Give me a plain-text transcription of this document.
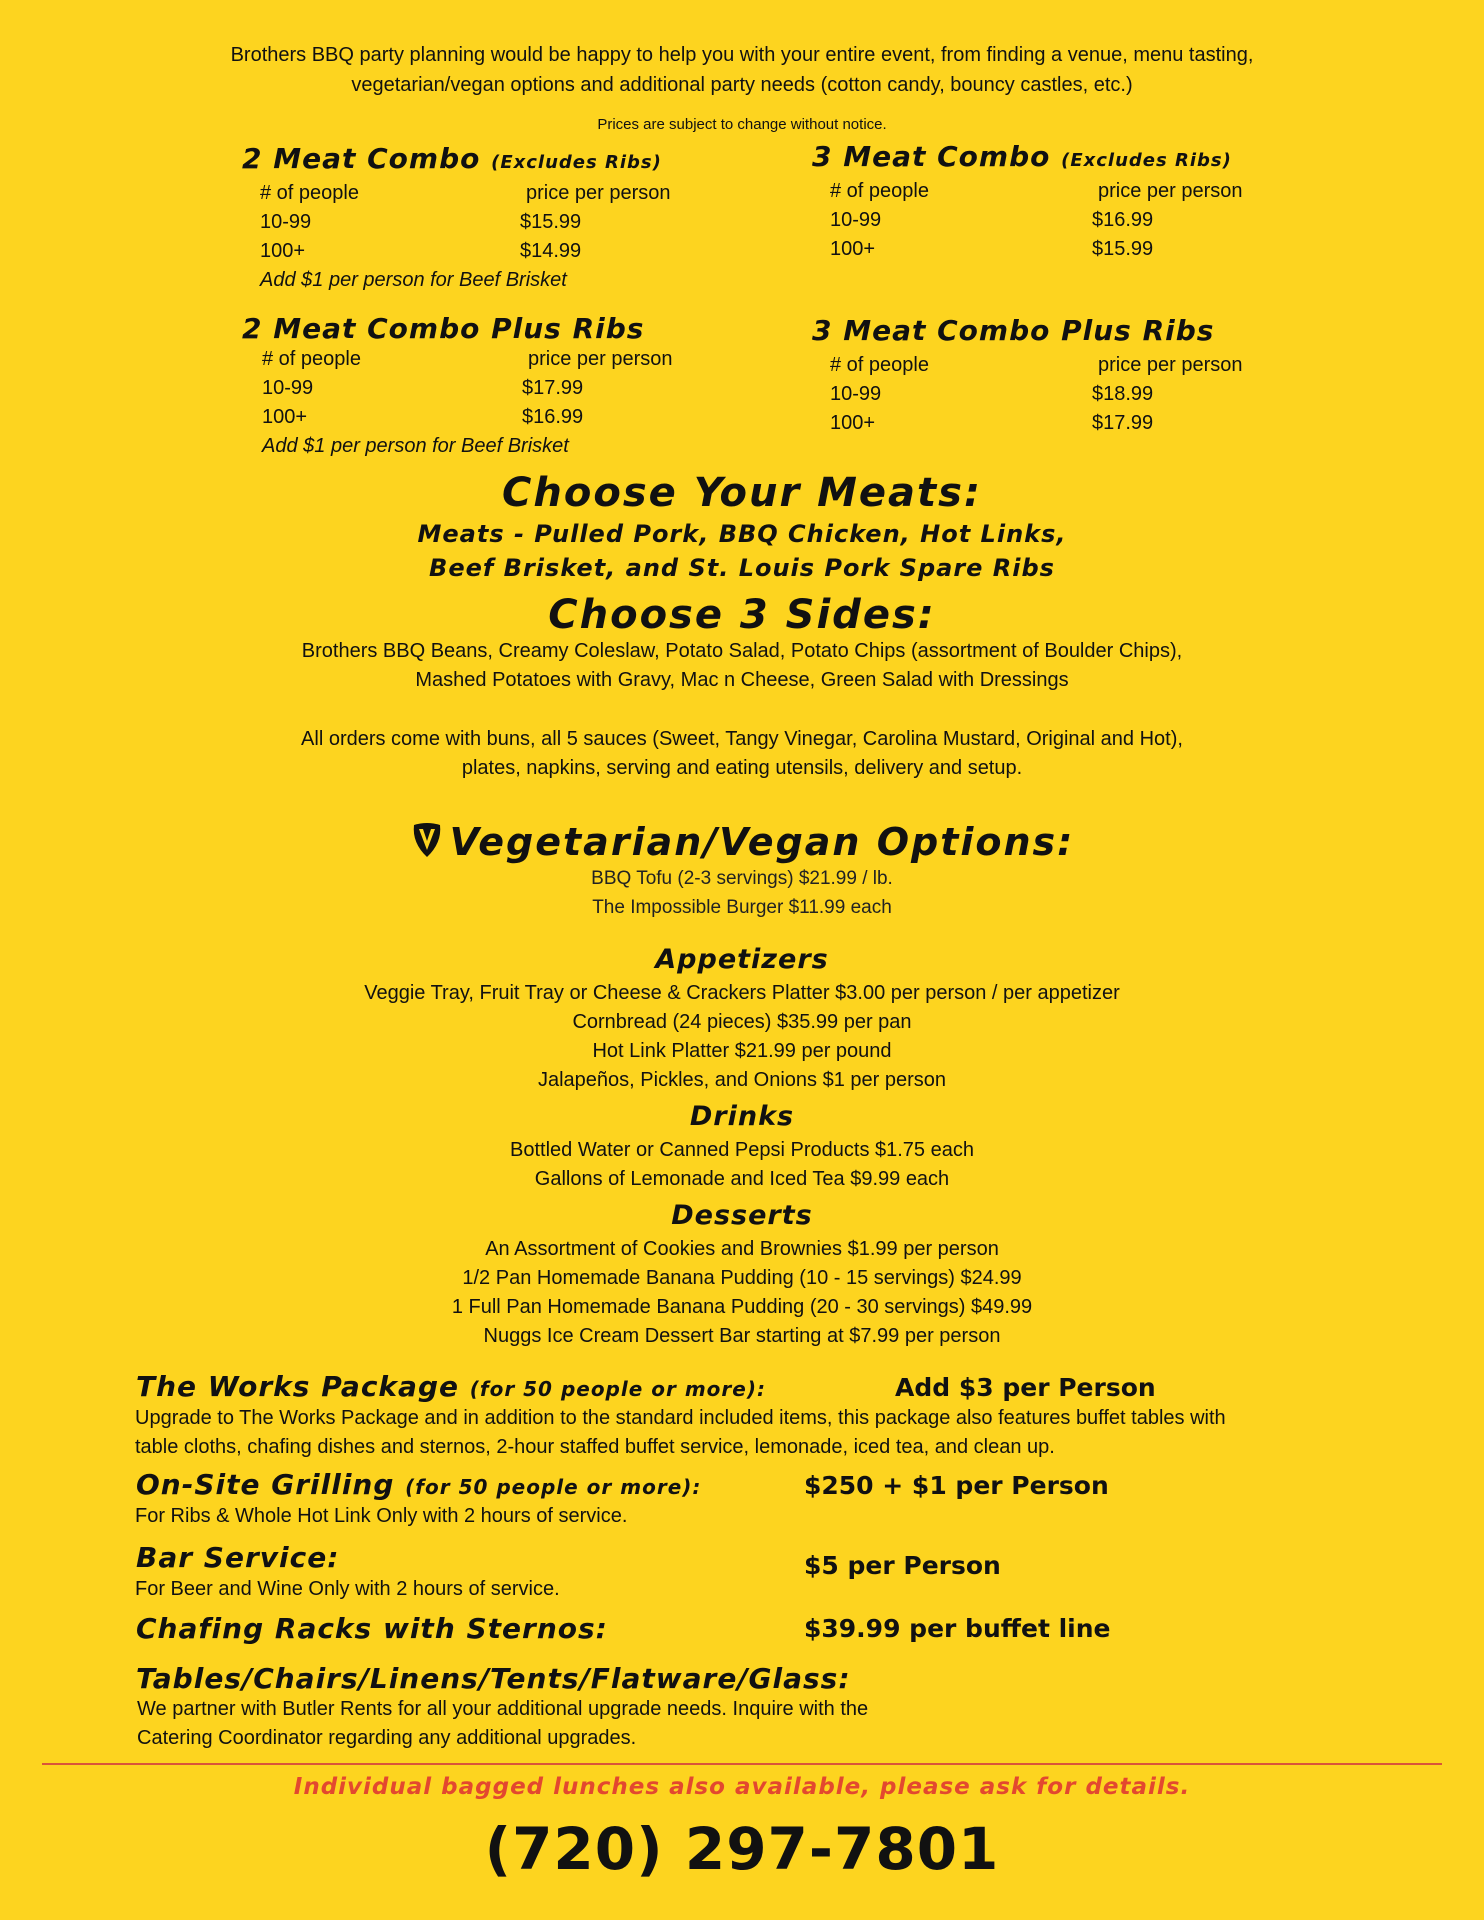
Brothers BBQ party planning would be happy to help you with your entire event, from finding a venue, menu tasting,
vegetarian/vegan options and additional party needs (cotton candy, bouncy castles, etc.)
Prices are subject to change without notice.
2 Meat Combo (Excludes Ribs)
# of people	price per person
10-99	$15.99
100+	$14.99
Add $1 per person for Beef Brisket
3 Meat Combo (Excludes Ribs)
# of people	price per person
10-99	$16.99
100+	$15.99
2 Meat Combo Plus Ribs
# of people	price per person
10-99	$17.99
100+	$16.99
Add $1 per person for Beef Brisket
3 Meat Combo Plus Ribs
# of people	price per person
10-99	$18.99
100+	$17.99
Choose Your Meats:
Meats - Pulled Pork, BBQ Chicken, Hot Links,
Beef Brisket, and St. Louis Pork Spare Ribs
Choose 3 Sides:
Brothers BBQ Beans, Creamy Coleslaw, Potato Salad, Potato Chips (assortment of Boulder Chips),
Mashed Potatoes with Gravy, Mac n Cheese, Green Salad with Dressings
All orders come with buns, all 5 sauces (Sweet, Tangy Vinegar, Carolina Mustard, Original and Hot),
plates, napkins, serving and eating utensils, delivery and setup.
Vegetarian/Vegan Options:
BBQ Tofu (2-3 servings) $21.99 / lb.
The Impossible Burger $11.99 each
Appetizers
Veggie Tray, Fruit Tray or Cheese & Crackers Platter $3.00 per person / per appetizer
Cornbread (24 pieces) $35.99 per pan
Hot Link Platter $21.99 per pound
Jalapeños, Pickles, and Onions $1 per person
Drinks
Bottled Water or Canned Pepsi Products $1.75 each
Gallons of Lemonade and Iced Tea $9.99 each
Desserts
An Assortment of Cookies and Brownies $1.99 per person
1/2 Pan Homemade Banana Pudding (10 - 15 servings) $24.99
1 Full Pan Homemade Banana Pudding (20 - 30 servings) $49.99
Nuggs Ice Cream Dessert Bar starting at $7.99 per person
The Works Package (for 50 people or more):	Add $3 per Person
Upgrade to The Works Package and in addition to the standard included items, this package also features buffet tables with
table cloths, chafing dishes and sternos, 2-hour staffed buffet service, lemonade, iced tea, and clean up.
On-Site Grilling (for 50 people or more):	$250 + $1 per Person
For Ribs & Whole Hot Link Only with 2 hours of service.
Bar Service:	$5 per Person
For Beer and Wine Only with 2 hours of service.
Chafing Racks with Sternos:	$39.99 per buffet line
Tables/Chairs/Linens/Tents/Flatware/Glass:
We partner with Butler Rents for all your additional upgrade needs. Inquire with the
Catering Coordinator regarding any additional upgrades.
Individual bagged lunches also available, please ask for details.
(720) 297-7801
